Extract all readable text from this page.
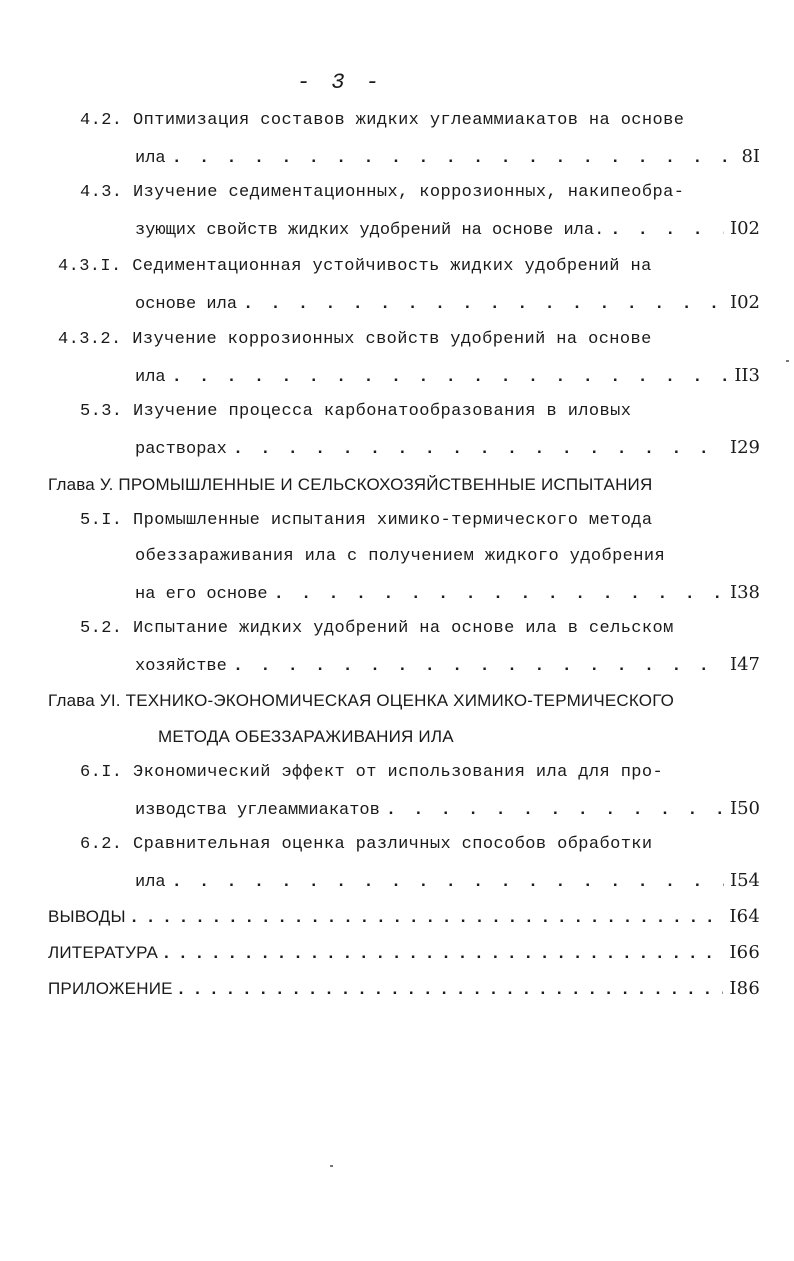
- 3 -
4.2. Оптимизация составов жидких углеаммиакатов на основе
ила . . .	8I
4.3. Изучение седиментационных, коррозионных, накипеобра-
зующих свойств жидких удобрений на основе ила. . . .	I02
4.3.I. Седиментационная устойчивость жидких удобрений на
основе ила . . .	I02
4.3.2. Изучение коррозионных свойств удобрений на основе
ила . . .	II3
5.3. Изучение процесса карбонатообразования в иловых
растворах . . .	I29
Глава У. ПРОМЫШЛЕННЫЕ И СЕЛЬСКОХОЗЯЙСТВЕННЫЕ ИСПЫТАНИЯ
5.I. Промышленные испытания химико-термического метода
обеззараживания ила с получением жидкого удобрения
на его основе . . .	I38
5.2. Испытание жидких удобрений на основе ила в сельском
хозяйстве . . .	I47
Глава УI. ТЕХНИКО-ЭКОНОМИЧЕСКАЯ ОЦЕНКА ХИМИКО-ТЕРМИЧЕСКОГО
МЕТОДА ОБЕЗЗАРАЖИВАНИЯ ИЛА
6.I. Экономический эффект от использования ила для про-
изводства углеаммиакатов . . .	I50
6.2. Сравнительная оценка различных способов обработки
ила . . .	I54
ВЫВОДЫ . . .	I64
ЛИТЕРАТУРА . . .	I66
ПРИЛОЖЕНИЕ . . .	I86
